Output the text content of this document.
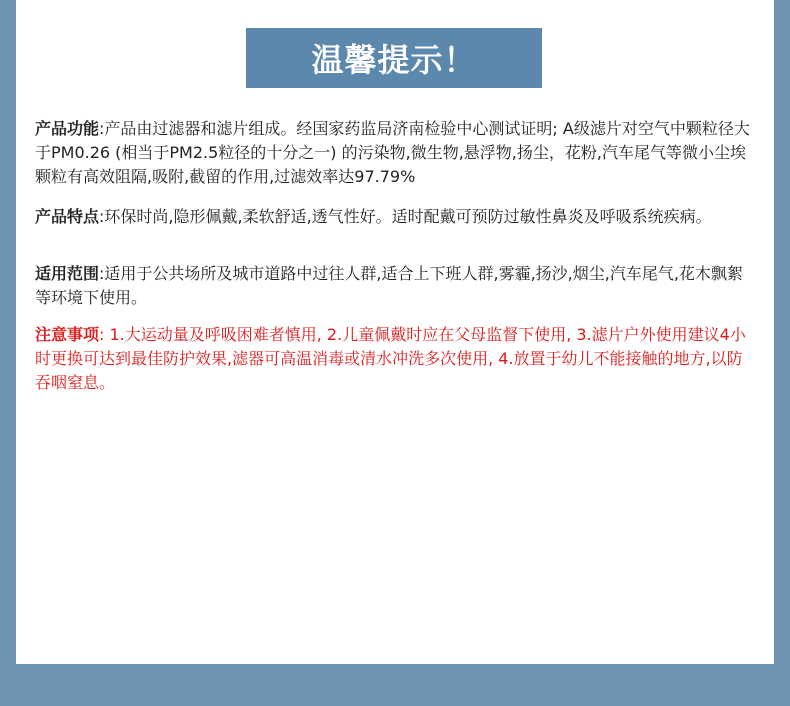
温馨提示！
产品功能:产品由过滤器和滤片组成。经国家药监局济南检验中心测试证明; A级滤片对空气中颗粒径大于PM0.26 (相当于PM2.5粒径的十分之一) 的污染物,微生物,悬浮物,扬尘，花粉,汽车尾气等微小尘埃颗粒有高效阻隔,吸附,截留的作用,过滤效率达97.79%
产品特点:环保时尚,隐形佩戴,柔软舒适,透气性好。适时配戴可预防过敏性鼻炎及呼吸系统疾病。
适用范围:适用于公共场所及城市道路中过往人群,适合上下班人群,雾霾,扬沙,烟尘,汽车尾气,花木飘絮等环境下使用。
注意事项: 1.大运动量及呼吸困难者慎用, 2.儿童佩戴时应在父母监督下使用, 3.滤片户外使用建议4小时更换可达到最佳防护效果,滤器可高温消毒或清水冲洗多次使用, 4.放置于幼儿不能接触的地方,以防吞咽窒息。
